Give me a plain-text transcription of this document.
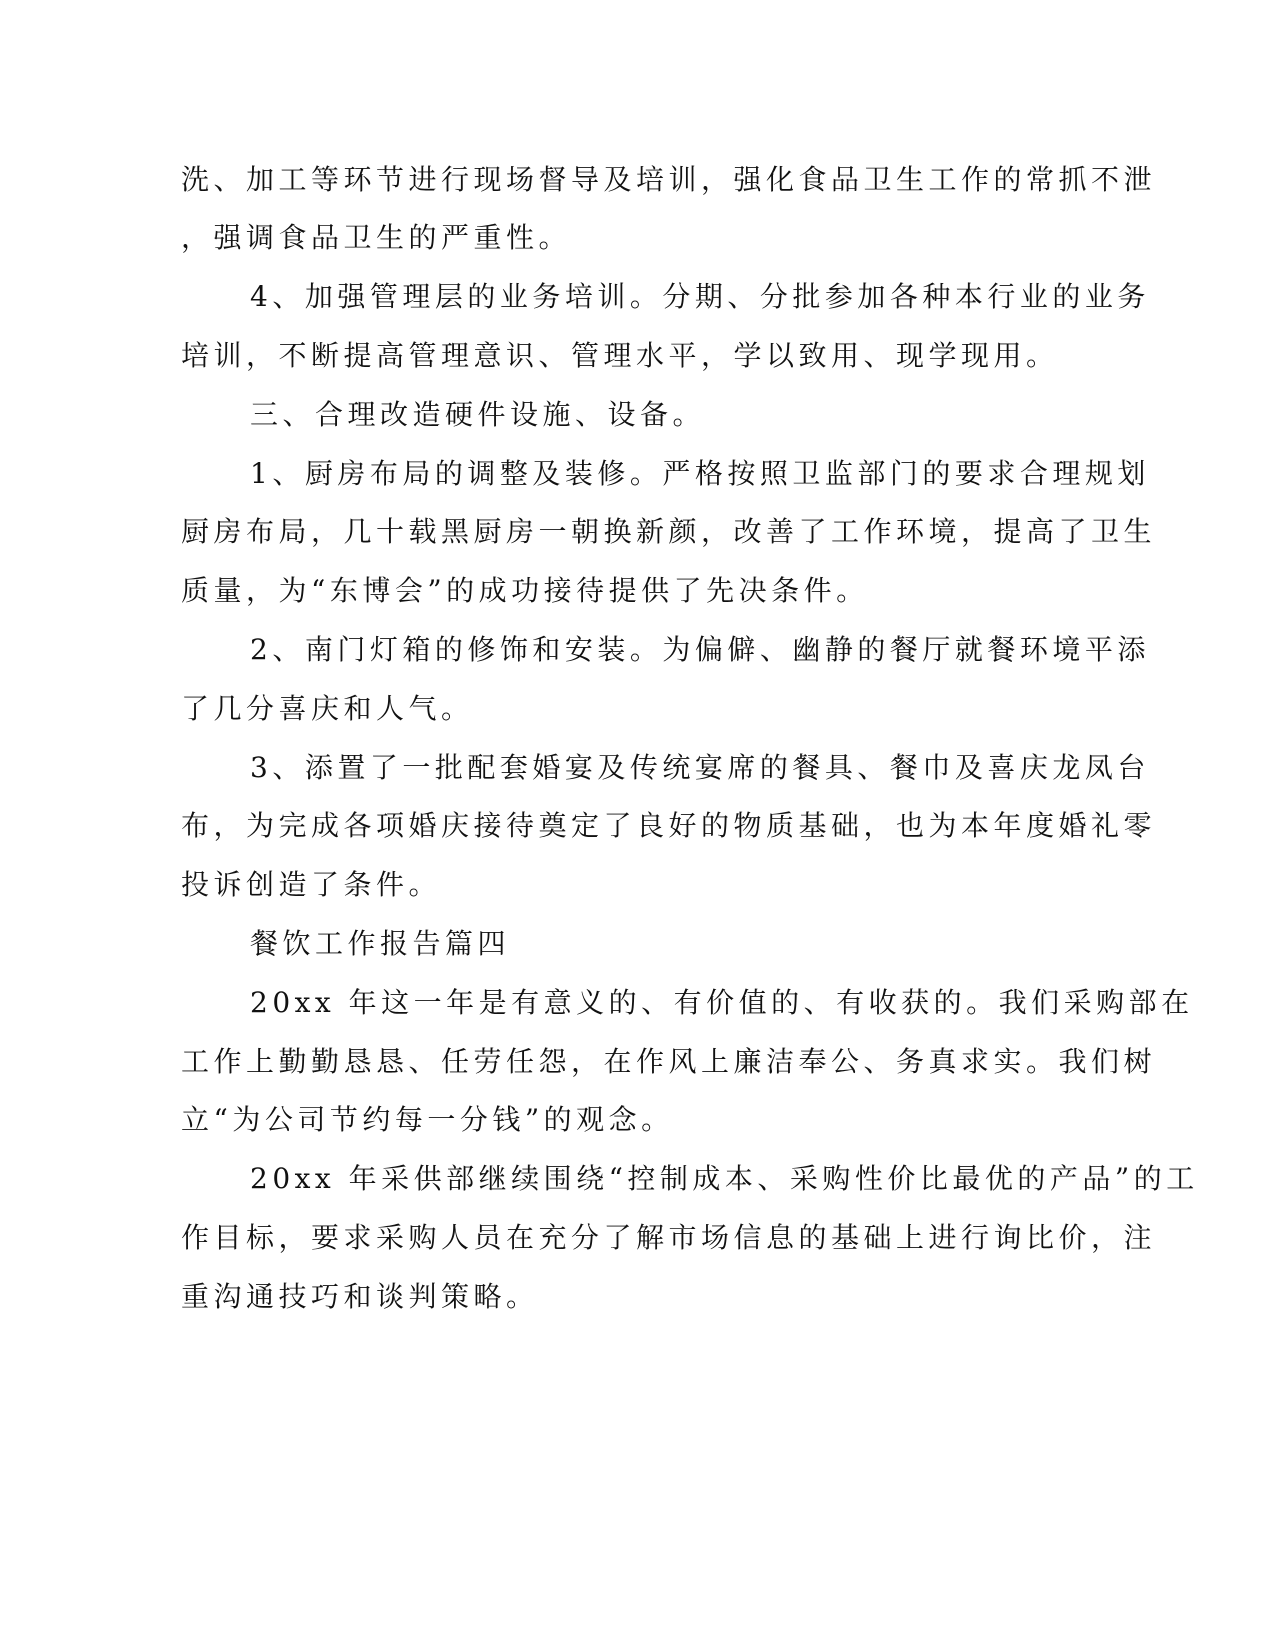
洗、加工等环节进行现场督导及培训，强化食品卫生工作的常抓不泄
，强调食品卫生的严重性。
4、加强管理层的业务培训。分期、分批参加各种本行业的业务
培训，不断提高管理意识、管理水平，学以致用、现学现用。
三、合理改造硬件设施、设备。
1、厨房布局的调整及装修。严格按照卫监部门的要求合理规划
厨房布局，几十载黑厨房一朝换新颜，改善了工作环境，提高了卫生
质量，为“东博会”的成功接待提供了先决条件。
2、南门灯箱的修饰和安装。为偏僻、幽静的餐厅就餐环境平添
了几分喜庆和人气。
3、添置了一批配套婚宴及传统宴席的餐具、餐巾及喜庆龙凤台
布，为完成各项婚庆接待奠定了良好的物质基础，也为本年度婚礼零
投诉创造了条件。
餐饮工作报告篇四
20xx 年这一年是有意义的、有价值的、有收获的。我们采购部在
工作上勤勤恳恳、任劳任怨，在作风上廉洁奉公、务真求实。我们树
立“为公司节约每一分钱”的观念。
20xx 年采供部继续围绕“控制成本、采购性价比最优的产品”的工
作目标，要求采购人员在充分了解市场信息的基础上进行询比价，注
重沟通技巧和谈判策略。
